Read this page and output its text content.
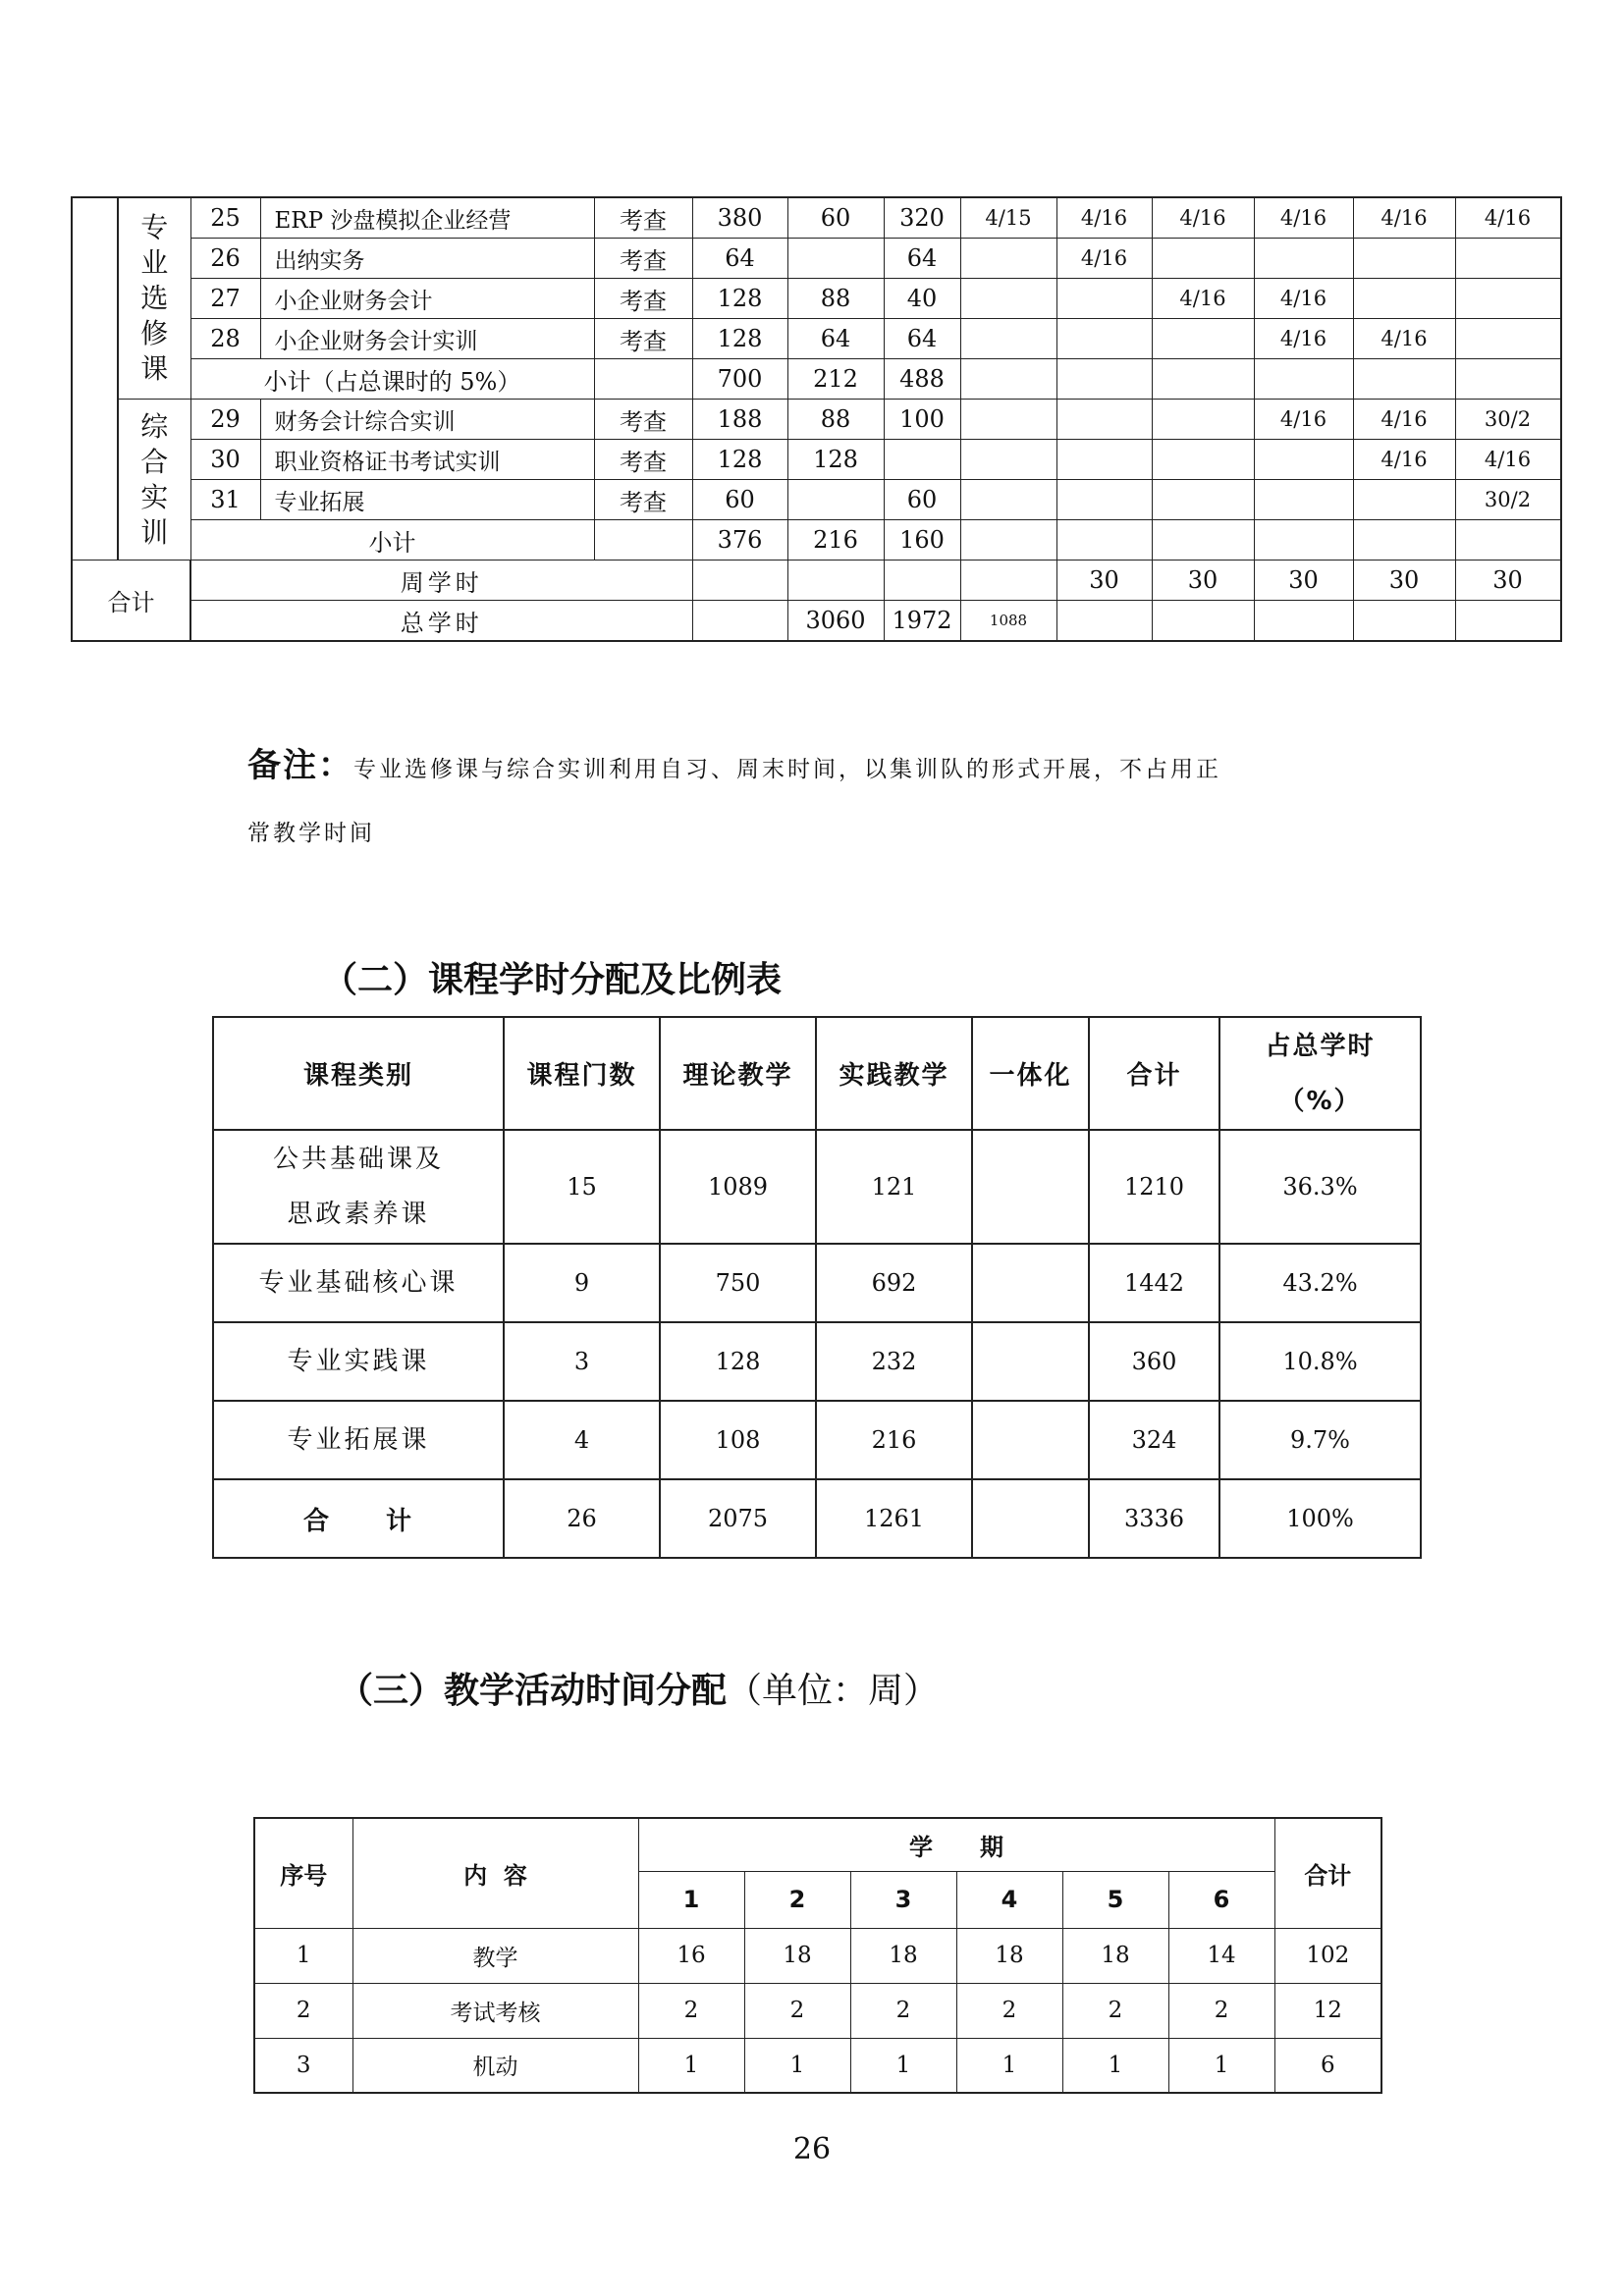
	专业选修课	25	ERP 沙盘模拟企业经营	考查	380	60	320	4/15	4/16	4/16	4/16	4/16	4/16	
		26	出纳实务	考查	64		64		4/16					
		27	小企业财务会计	考查	128	88	40			4/16	4/16			
		28	小企业财务会计实训	考查	128	64	64				4/16	4/16		
		小计（占总课时的 5%）			700	212	488							
	综合实训	29	财务会计综合实训	考查	188	88	100				4/16	4/16	30/2	
		30	职业资格证书考试实训	考查	128	128						4/16	4/16	
		31	专业拓展	考查	60		60						30/2	
		小计			376	216	160							
合计		周学时							30	30	30	30	30	
		总学时				3060	1972	1088						
备注：专业选修课与综合实训利用自习、周末时间，以集训队的形式开展，不占用正
常教学时间
（二）课程学时分配及比例表
课程类别	课程门数	理论教学	实践教学	一体化	合计	占总学时
（%）

公共基础课及
思政素养课	15	1089	121		1210	36.3%
专业基础核心课	9	750	692		1442	43.2%
专业实践课	3	128	232		360	10.8%
专业拓展课	4	108	216		324	9.7%
合　　计	26	2075	1261		3336	100%
（三）教学活动时间分配（单位：周）
序号	内  容	学　　期						合计
		1	2	3	4	5	6	
1	教学	16	18	18	18	18	14	102
2	考试考核	2	2	2	2	2	2	12
3	机动	1	1	1	1	1	1	6
26
